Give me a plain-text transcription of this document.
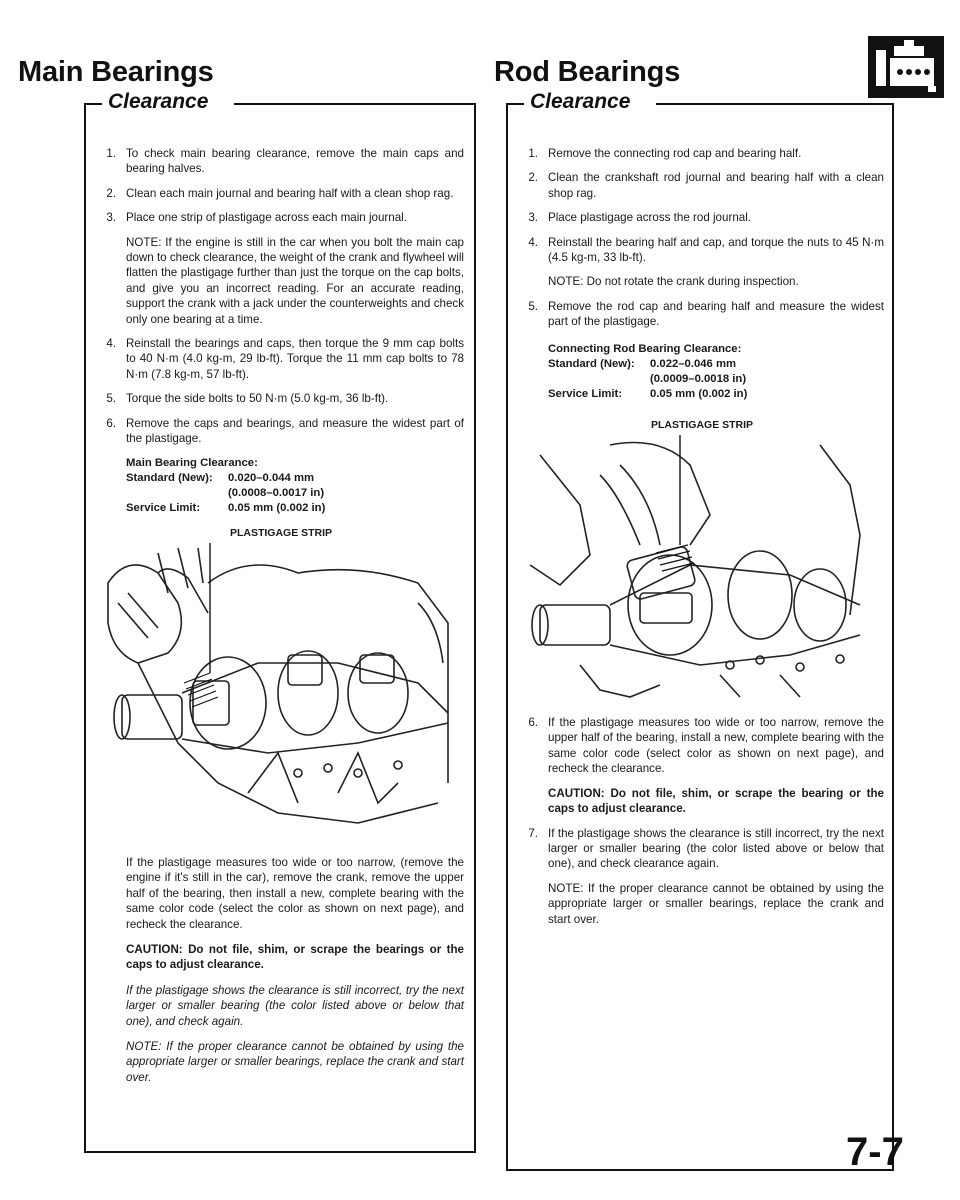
Main Bearings	Rod Bearings
Clearance	Clearance
1. To check main bearing clearance, remove the main caps and bearing halves.

2. Clean each main journal and bearing half with a clean shop rag.

3. Place one strip of plastigage across each main journal.

NOTE: If the engine is still in the car when you bolt the main cap down to check clearance, the weight of the crank and flywheel will flatten the plastigage further than just the torque on the cap bolts, and give you an incorrect reading. For an accurate reading, support the crank with a jack under the counterweights and check only one bearing at a time.

4. Reinstall the bearings and caps, then torque the 9 mm cap bolts to 40 N·m (4.0 kg-m, 29 lb-ft). Torque the 11 mm cap bolts to 78 N·m (7.8 kg-m, 57 lb-ft).

5. Torque the side bolts to 50 N·m (5.0 kg-m, 36 lb-ft).

6. Remove the caps and bearings, and measure the widest part of the plastigage.

Main Bearing Clearance:
Standard (New):	0.020–0.044 mm
(0.0008–0.0017 in)
Service Limit:	0.05 mm (0.002 in)
PLASTIGAGE STRIP

If the plastigage measures too wide or too narrow, (remove the engine if it's still in the car), remove the crank, remove the upper half of the bearing, then install a new, complete bearing with the same color code (select the color as shown on next page), and recheck the clearance.

CAUTION: Do not file, shim, or scrape the bearings or the caps to adjust clearance.

If the plastigage shows the clearance is still incorrect, try the next larger or smaller bearing (the color listed above or below that one), and check again.

NOTE: If the proper clearance cannot be obtained by using the appropriate larger or smaller bearings, replace the crank and start over.

1. Remove the connecting rod cap and bearing half.

2. Clean the crankshaft rod journal and bearing half with a clean shop rag.

3. Place plastigage across the rod journal.

4. Reinstall the bearing half and cap, and torque the nuts to 45 N·m (4.5 kg-m, 33 lb-ft).

NOTE: Do not rotate the crank during inspection.

5. Remove the rod cap and bearing half and measure the widest part of the plastigage.

Connecting Rod Bearing Clearance:
Standard (New):	0.022–0.046 mm
(0.0009–0.0018 in)
Service Limit:	0.05 mm (0.002 in)
PLASTIGAGE STRIP
6. If the plastigage measures too wide or too narrow, remove the upper half of the bearing, install a new, complete bearing with the same color code (select color as shown on next page), and recheck the clearance.

CAUTION: Do not file, shim, or scrape the bearing or the caps to adjust clearance.

7. If the plastigage shows the clearance is still incorrect, try the next larger or smaller bearing (the color listed above or below that one), and check clearance again.

NOTE: If the proper clearance cannot be obtained by using the appropriate larger or smaller bearings, replace the crank and start over.

7-7
